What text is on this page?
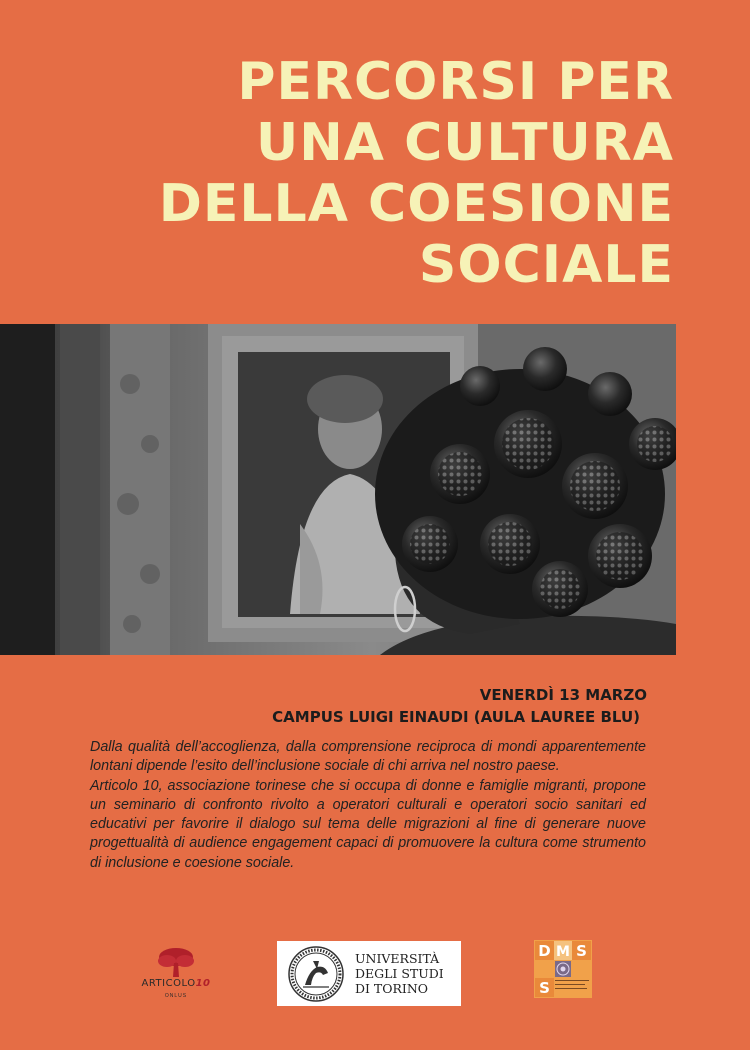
PERCORSI PER
UNA CULTURA
DELLA COESIONE
SOCIALE
VENERDÌ 13 MARZO
CAMPUS LUIGI EINAUDI (AULA LAUREE BLU)

Dalla qualità dell’accoglienza, dalla comprensione reciproca di mondi apparentemente lontani dipende l’esito dell’inclusione sociale di chi arriva nel nostro paese.

Articolo 10, associazione torinese che si occupa di donne e famiglie migranti, propone un seminario di confronto rivolto a operatori culturali e operatori socio sanitari ed educativi per favorire il dialogo sul tema delle migrazioni al fine di generare nuove progettualità di audience engagement capaci di promuovere la cultura come strumento di inclusione e coesione sociale.

ARTICOLO10
ONLUS
UNIVERSITÀ
DEGLI STUDI
DI TORINO
D S
S
M
